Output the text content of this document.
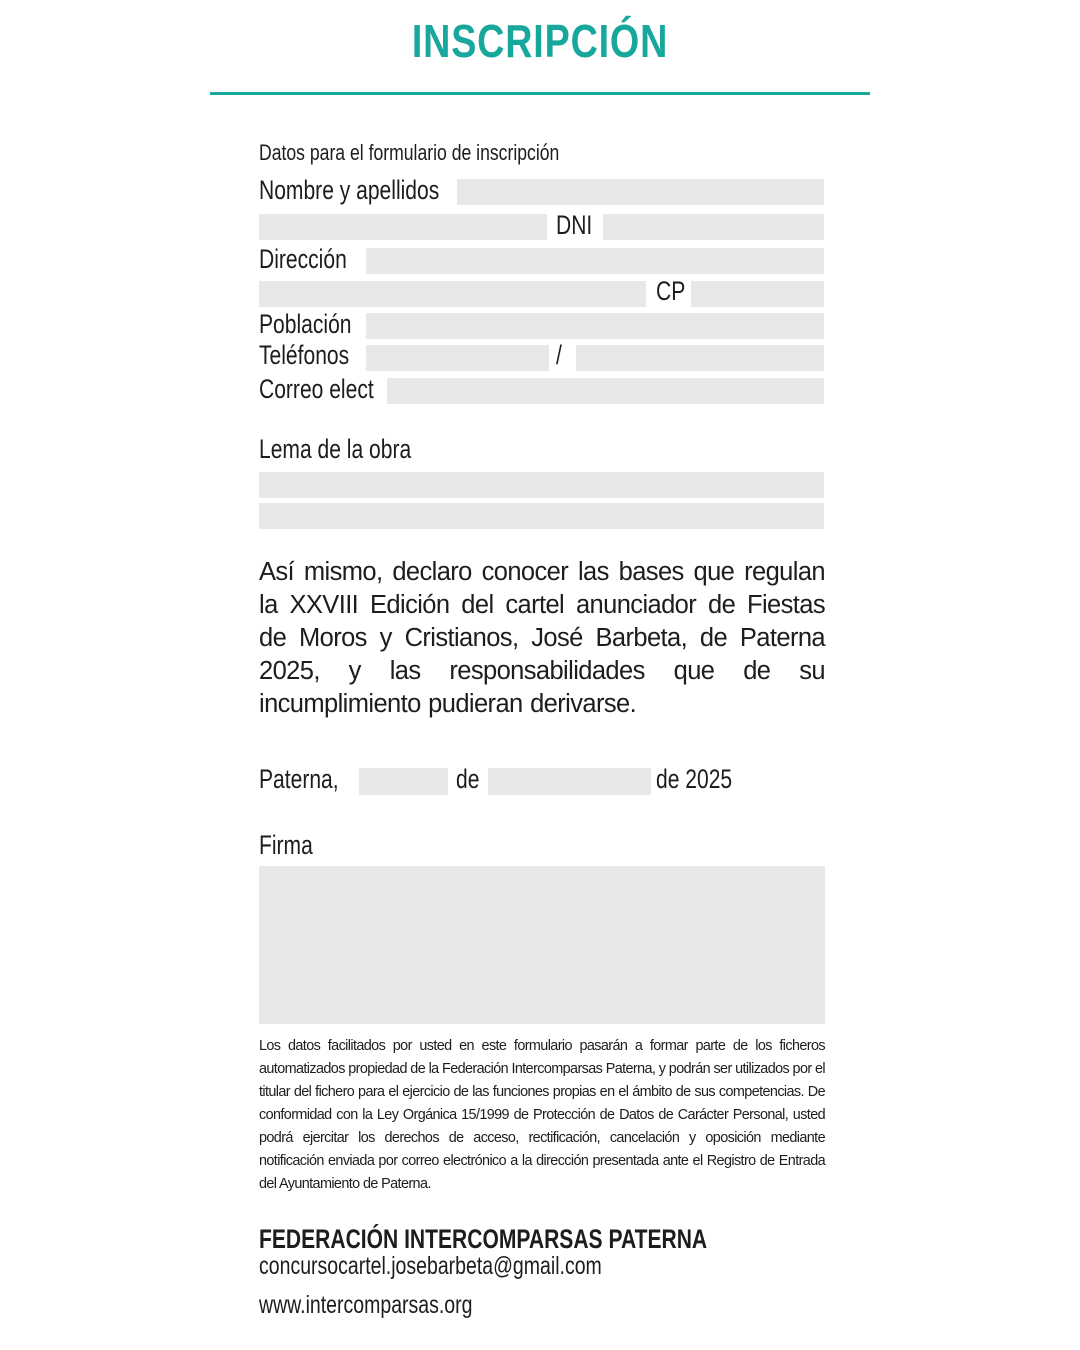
INSCRIPCIÓN
Datos para el formulario de inscripción
Nombre y apellidos
DNI
Dirección
CP
Población
Teléfonos	/
Correo elect
Lema de la obra
Así mismo, declaro conocer las bases que regulan la XXVIII Edición del cartel anunciador de Fiestas de Moros y Cristianos, José Barbeta, de Paterna 2025, y las responsabilidades que de su incumplimiento pudieran derivarse.
Paterna,	de	de 2025
Firma
Los datos facilitados por usted en este formulario pasarán a formar parte de los ficheros automatizados propiedad de la Federación Intercomparsas Paterna, y podrán ser utilizados por el titular del fichero para el ejercicio de las funciones propias en el ámbito de sus competencias. De conformidad con la Ley Orgánica 15/1999 de Protección de Datos de Carácter Personal, usted podrá ejercitar los derechos de acceso, rectificación, cancelación y oposición mediante notificación enviada por correo electrónico a la dirección presentada ante el Registro de Entrada del Ayuntamiento de Paterna.
FEDERACIÓN INTERCOMPARSAS PATERNA
concursocartel.josebarbeta@gmail.com
www.intercomparsas.org
